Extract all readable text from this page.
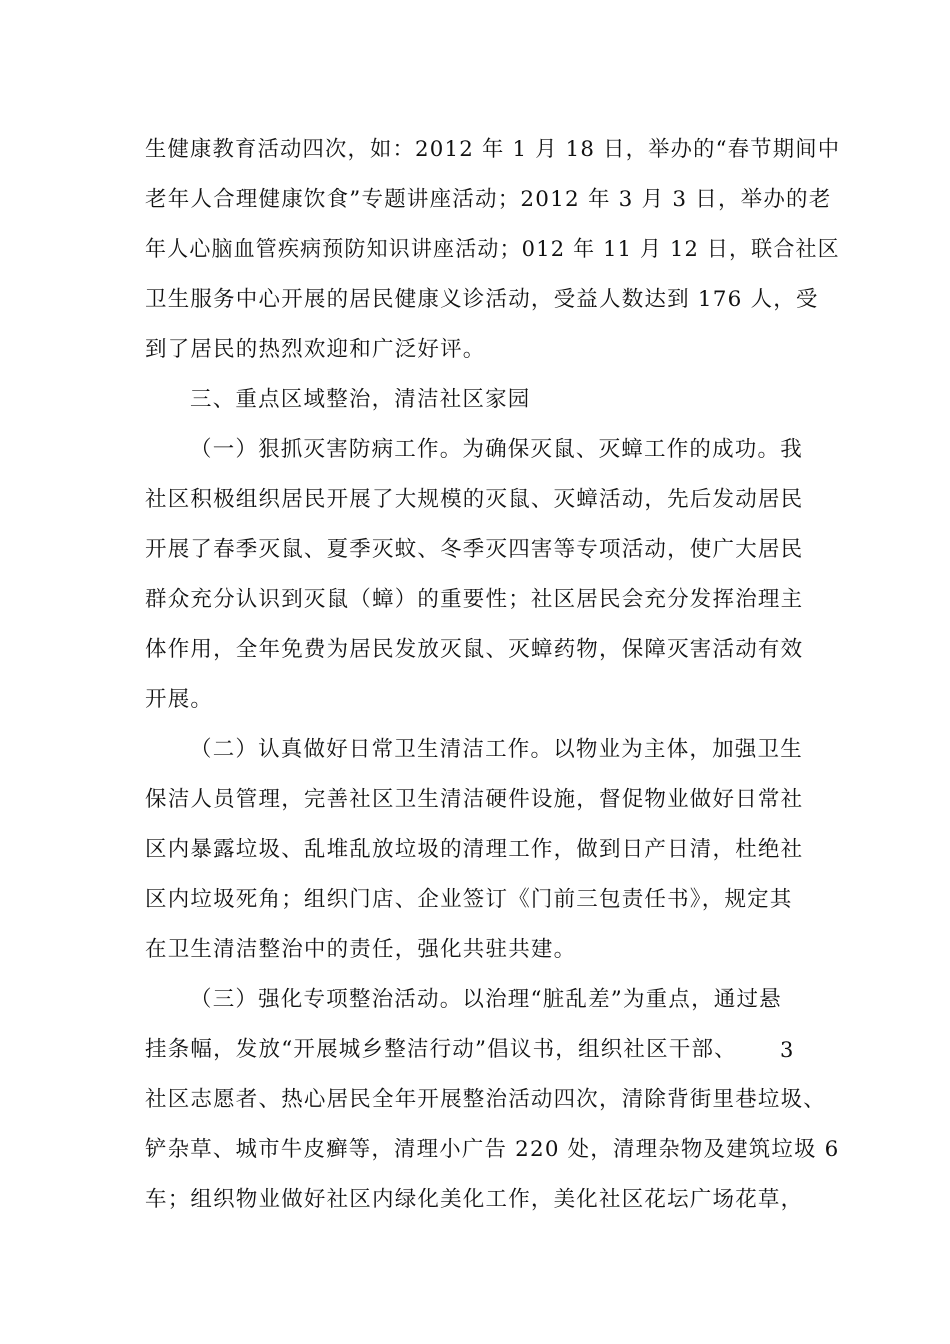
生健康教育活动四次，如：2012 年 1 月 18 日，举办的“春节期间中
老年人合理健康饮食”专题讲座活动；2012 年 3 月 3 日，举办的老
年人心脑血管疾病预防知识讲座活动；012 年 11 月 12 日，联合社区
卫生服务中心开展的居民健康义诊活动，受益人数达到 176 人，受
到了居民的热烈欢迎和广泛好评。
三、重点区域整治，清洁社区家园
（一）狠抓灭害防病工作。为确保灭鼠、灭蟑工作的成功。我
社区积极组织居民开展了大规模的灭鼠、灭蟑活动，先后发动居民
开展了春季灭鼠、夏季灭蚊、冬季灭四害等专项活动，使广大居民
群众充分认识到灭鼠（蟑）的重要性；社区居民会充分发挥治理主
体作用，全年免费为居民发放灭鼠、灭蟑药物，保障灭害活动有效
开展。
（二）认真做好日常卫生清洁工作。以物业为主体，加强卫生
保洁人员管理，完善社区卫生清洁硬件设施，督促物业做好日常社
区内暴露垃圾、乱堆乱放垃圾的清理工作，做到日产日清，杜绝社
区内垃圾死角；组织门店、企业签订《门前三包责任书》，规定其
在卫生清洁整治中的责任，强化共驻共建。
（三）强化专项整治活动。以治理“脏乱差”为重点，通过悬
挂条幅，发放“开展城乡整洁行动”倡议书，组织社区干部、 3
社区志愿者、热心居民全年开展整治活动四次，清除背街里巷垃圾、
铲杂草、城市牛皮癣等，清理小广告 220 处，清理杂物及建筑垃圾 6
车；组织物业做好社区内绿化美化工作，美化社区花坛广场花草，
